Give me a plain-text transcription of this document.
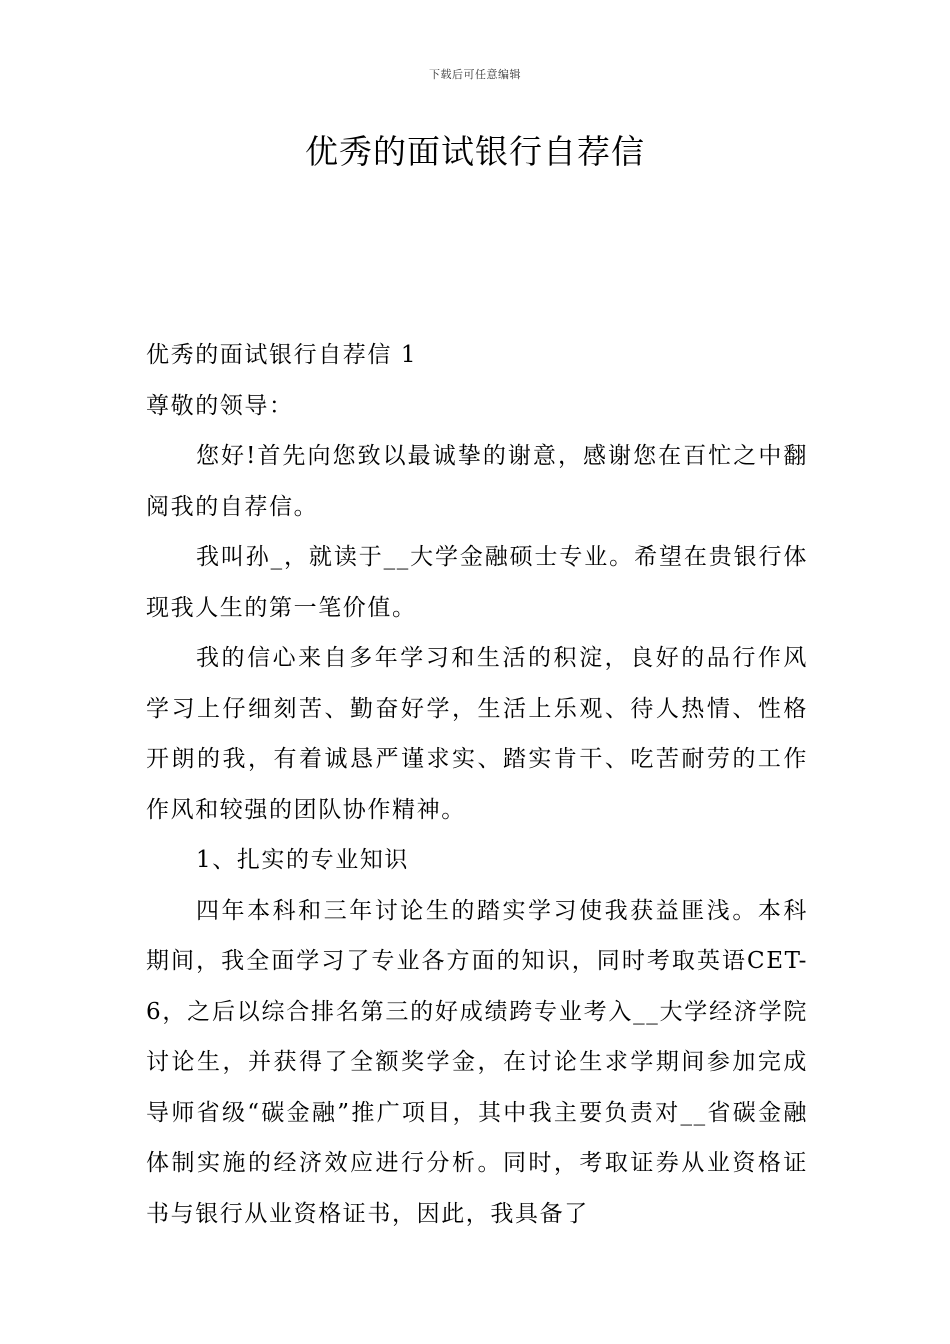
下载后可任意编辑
优秀的面试银行自荐信

优秀的面试银行自荐信 1

尊敬的领导：

您好!首先向您致以最诚挚的谢意，感谢您在百忙之中翻阅我的自荐信。

我叫孙_，就读于__大学金融硕士专业。希望在贵银行体现我人生的第一笔价值。

我的信心来自多年学习和生活的积淀，良好的品行作风学习上仔细刻苦、勤奋好学，生活上乐观、待人热情、性格开朗的我，有着诚恳严谨求实、踏实肯干、吃苦耐劳的工作作风和较强的团队协作精神。

1、扎实的专业知识

四年本科和三年讨论生的踏实学习使我获益匪浅。本科期间，我全面学习了专业各方面的知识，同时考取英语CET-6，之后以综合排名第三的好成绩跨专业考入__大学经济学院讨论生，并获得了全额奖学金，在讨论生求学期间参加完成导师省级“碳金融”推广项目，其中我主要负责对__省碳金融体制实施的经济效应进行分析。同时，考取证券从业资格证书与银行从业资格证书，因此，我具备了
